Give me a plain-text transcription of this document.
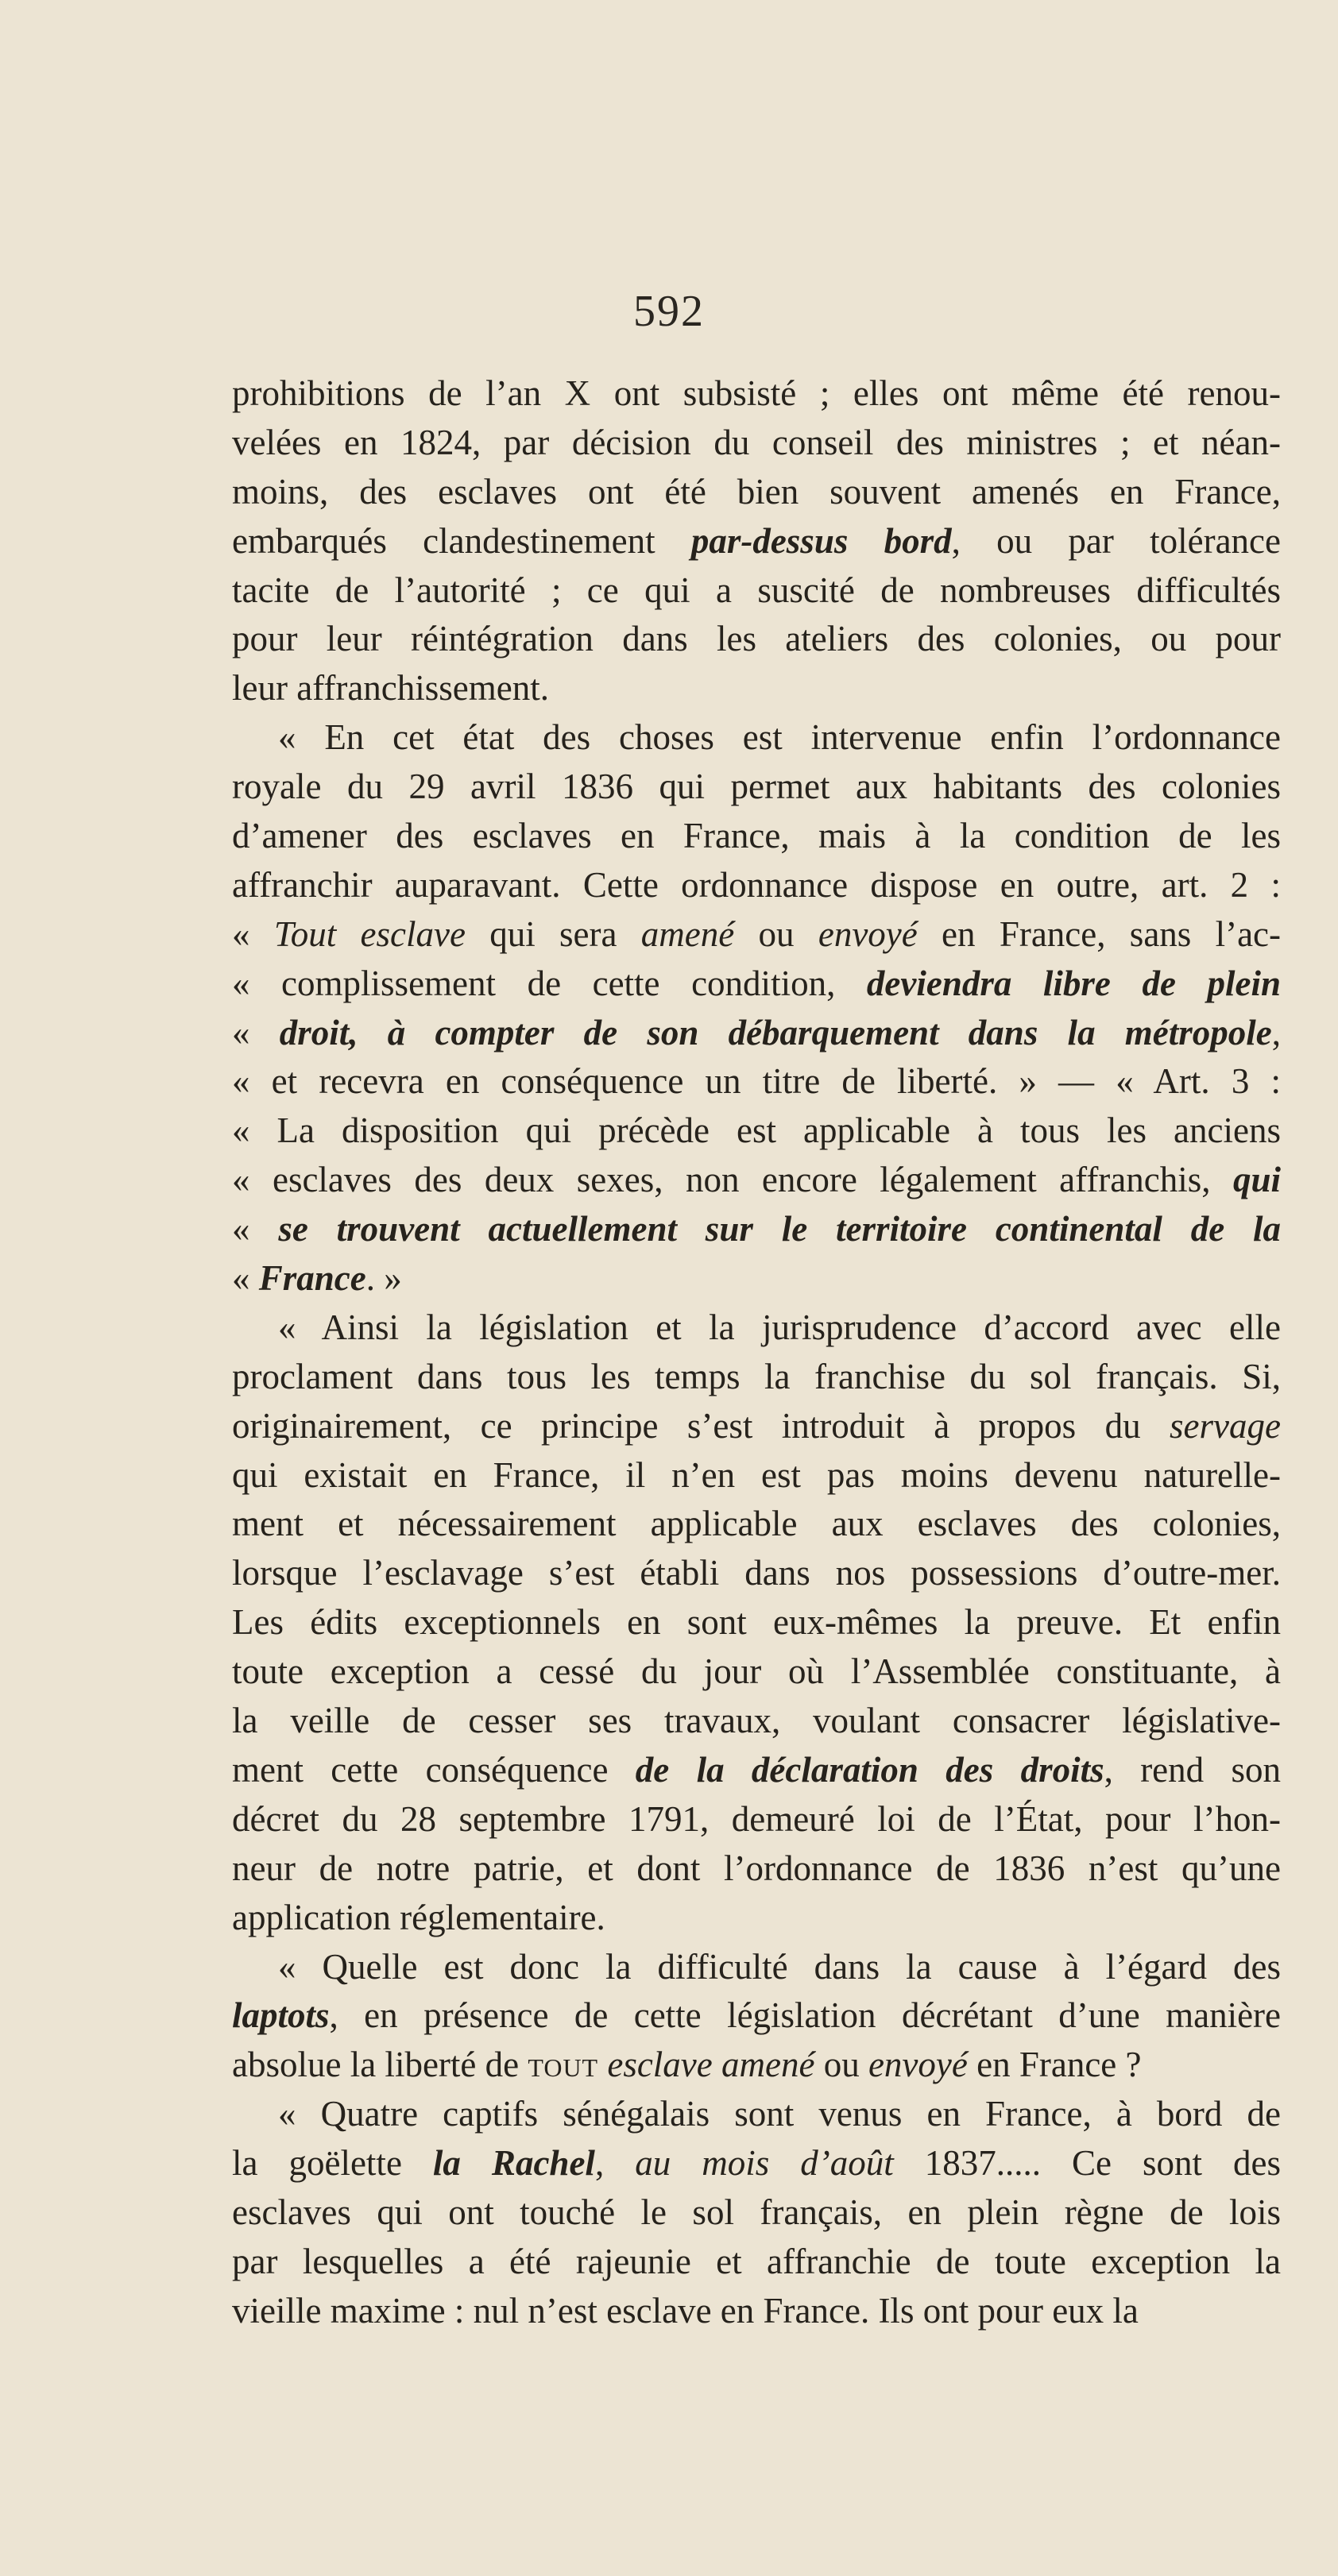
592
prohibitions de l’an X ont subsisté ; elles ont même été renou-
velées en 1824, par décision du conseil des ministres ; et néan-
moins, des esclaves ont été bien souvent amenés en France,
embarqués clandestinement par-dessus bord, ou par tolérance
tacite de l’autorité ; ce qui a suscité de nombreuses difficultés
pour leur réintégration dans les ateliers des colonies, ou pour
leur affranchissement.
« En cet état des choses est intervenue enfin l’ordonnance
royale du 29 avril 1836 qui permet aux habitants des colonies
d’amener des esclaves en France, mais à la condition de les
affranchir auparavant. Cette ordonnance dispose en outre, art. 2 :
« Tout esclave qui sera amené ou envoyé en France, sans l’ac-
« complissement de cette condition, deviendra libre de plein
« droit, à compter de son débarquement dans la métropole,
« et recevra en conséquence un titre de liberté. » — « Art. 3 :
« La disposition qui précède est applicable à tous les anciens
« esclaves des deux sexes, non encore légalement affranchis, qui
« se trouvent actuellement sur le territoire continental de la
« France. »
« Ainsi la législation et la jurisprudence d’accord avec elle
proclament dans tous les temps la franchise du sol français. Si,
originairement, ce principe s’est introduit à propos du servage
qui existait en France, il n’en est pas moins devenu naturelle-
ment et nécessairement applicable aux esclaves des colonies,
lorsque l’esclavage s’est établi dans nos possessions d’outre-mer.
Les édits exceptionnels en sont eux-mêmes la preuve. Et enfin
toute exception a cessé du jour où l’Assemblée constituante, à
la veille de cesser ses travaux, voulant consacrer législative-
ment cette conséquence de la déclaration des droits, rend son
décret du 28 septembre 1791, demeuré loi de l’État, pour l’hon-
neur de notre patrie, et dont l’ordonnance de 1836 n’est qu’une
application réglementaire.
« Quelle est donc la difficulté dans la cause à l’égard des
laptots, en présence de cette législation décrétant d’une manière
absolue la liberté de tout esclave amené ou envoyé en France ?
« Quatre captifs sénégalais sont venus en France, à bord de
la goëlette la Rachel, au mois d’août 1837..... Ce sont des
esclaves qui ont touché le sol français, en plein règne de lois
par lesquelles a été rajeunie et affranchie de toute exception la
vieille maxime : nul n’est esclave en France. Ils ont pour eux la
